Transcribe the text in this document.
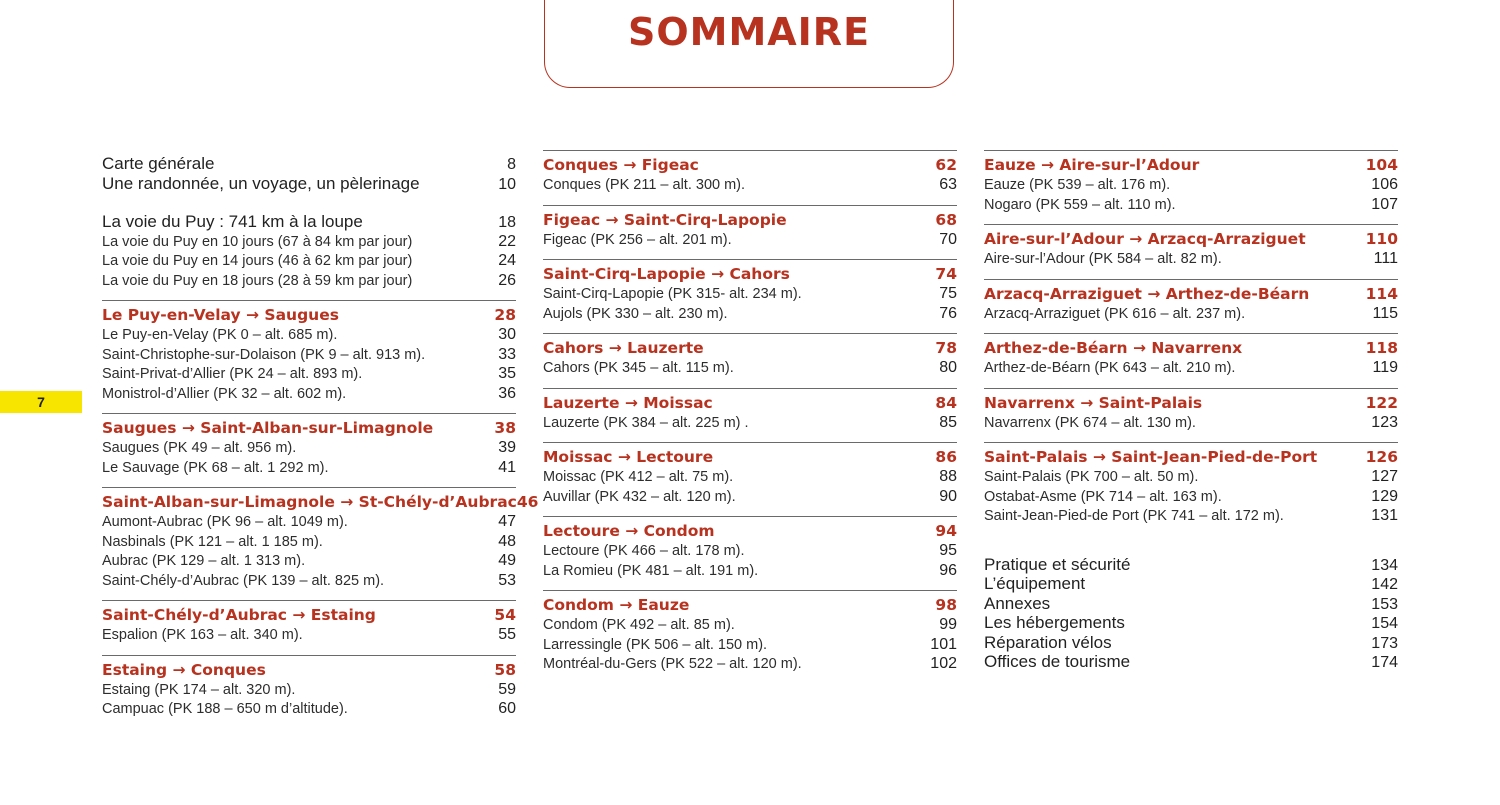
SOMMAIRE
7
Carte générale	8
Une randonnée, un voyage, un pèlerinage	10
La voie du Puy : 741 km à la loupe	18
La voie du Puy en 10 jours (67 à 84 km par jour)	22
La voie du Puy en 14 jours (46 à 62 km par jour)	24
La voie du Puy en 18 jours (28 à 59 km par jour)	26
Le Puy-en-Velay → Saugues	28
Le Puy-en-Velay (PK 0 – alt. 685 m).	30
Saint-Christophe-sur-Dolaison (PK 9 – alt. 913 m).	33
Saint-Privat-d’Allier (PK 24 – alt. 893 m).	35
Monistrol-d’Allier (PK 32 – alt. 602 m).	36
Saugues → Saint-Alban-sur-Limagnole	38
Saugues (PK 49 – alt. 956 m).	39
Le Sauvage (PK 68 – alt. 1 292 m).	41
Saint-Alban-sur-Limagnole → St-Chély-d’Aubrac 46
Aumont-Aubrac (PK 96 – alt. 1049 m).	47
Nasbinals (PK 121 – alt. 1 185 m).	48
Aubrac (PK 129 – alt. 1 313 m).	49
Saint-Chély-d’Aubrac (PK 139 – alt. 825 m).	53
Saint-Chély-d’Aubrac → Estaing	54
Espalion (PK 163 – alt. 340 m).	55
Estaing → Conques	58
Estaing (PK 174 – alt. 320 m).	59
Campuac (PK 188 – 650 m d’altitude).	60
Conques → Figeac	62
Conques (PK 211 – alt. 300 m).	63
Figeac → Saint-Cirq-Lapopie	68
Figeac (PK 256 – alt. 201 m).	70
Saint-Cirq-Lapopie → Cahors	74
Saint-Cirq-Lapopie (PK 315- alt. 234 m).	75
Aujols (PK 330 – alt. 230 m).	76
Cahors → Lauzerte	78
Cahors (PK 345 – alt. 115 m).	80
Lauzerte → Moissac	84
Lauzerte (PK 384 – alt. 225 m) .	85
Moissac → Lectoure	86
Moissac (PK 412 – alt. 75 m).	88
Auvillar (PK 432 – alt. 120 m).	90
Lectoure → Condom	94
Lectoure (PK 466 – alt. 178 m).	95
La Romieu (PK 481 – alt. 191 m).	96
Condom → Eauze	98
Condom (PK 492 – alt. 85 m).	99
Larressingle (PK 506 – alt. 150 m).	101
Montréal-du-Gers (PK 522 – alt. 120 m).	102
Eauze → Aire-sur-l’Adour	104
Eauze (PK 539 – alt. 176 m).	106
Nogaro (PK 559 – alt. 110 m).	107
Aire-sur-l’Adour → Arzacq-Arraziguet	110
Aire-sur-l’Adour (PK 584 – alt. 82 m).	111
Arzacq-Arraziguet → Arthez-de-Béarn	114
Arzacq-Arraziguet (PK 616 – alt. 237 m).	115
Arthez-de-Béarn → Navarrenx	118
Arthez-de-Béarn (PK 643 – alt. 210 m).	119
Navarrenx → Saint-Palais	122
Navarrenx (PK 674 – alt. 130 m).	123
Saint-Palais → Saint-Jean-Pied-de-Port	126
Saint-Palais (PK 700 – alt. 50 m).	127
Ostabat-Asme (PK 714 – alt. 163 m).	129
Saint-Jean-Pied-de Port (PK 741 – alt. 172 m).	131
Pratique et sécurité	134
L’équipement	142
Annexes	153
Les hébergements	154
Réparation vélos	173
Offices de tourisme	174
